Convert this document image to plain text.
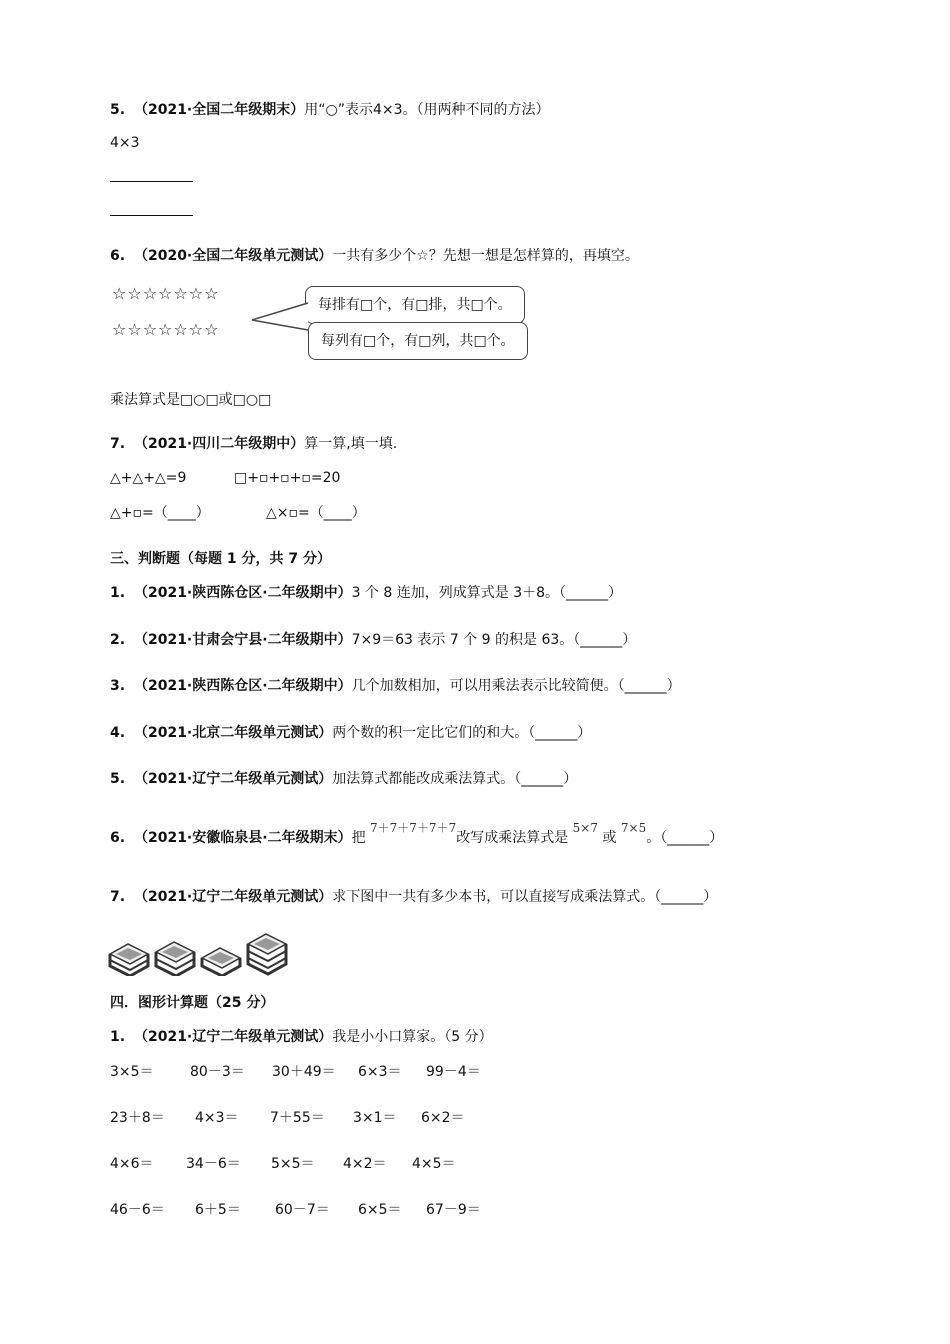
5. （2021·全国二年级期末）用“○”表示4×3。（用两种不同的方法）
4×3
6. （2020·全国二年级单元测试）一共有多少个☆？先想一想是怎样算的，再填空。
☆☆☆☆☆☆☆
☆☆☆☆☆☆☆
每排有□个，有□排，共□个。
每列有□个，有□列，共□个。
乘法算式是□○□或□○□
7. （2021·四川二年级期中）算一算,填一填.
△+△+△=9	□+▫+▫+▫=20
△+▫=（____）	△×▫=（____）
三、判断题（每题 1 分，共 7 分）
1. （2021·陕西陈仓区·二年级期中）3 个 8 连加，列成算式是 3＋8。（______）
2. （2021·甘肃会宁县·二年级期中）7×9＝63 表示 7 个 9 的积是 63。（______）
3. （2021·陕西陈仓区·二年级期中）几个加数相加，可以用乘法表示比较简便。（______）
4. （2021·北京二年级单元测试）两个数的积一定比它们的和大。（______）
5. （2021·辽宁二年级单元测试）加法算式都能改成乘法算式。（______）
6. （2021·安徽临泉县·二年级期末）把 7＋7＋7＋7＋7改写成乘法算式是 5×7 或 7×5。（______）
7. （2021·辽宁二年级单元测试）求下图中一共有多少本书，可以直接写成乘法算式。（______）
四．图形计算题（25 分）
1. （2021·辽宁二年级单元测试）我是小小口算家。（5 分）
3×5＝	80－3＝ 30＋49＝ 6×3＝ 99－4＝
23＋8＝ 4×3＝ 7＋55＝ 3×1＝ 6×2＝
4×6＝ 34－6＝ 5×5＝ 4×2＝ 4×5＝
46－6＝ 6＋5＝ 60－7＝ 6×5＝ 67－9＝
